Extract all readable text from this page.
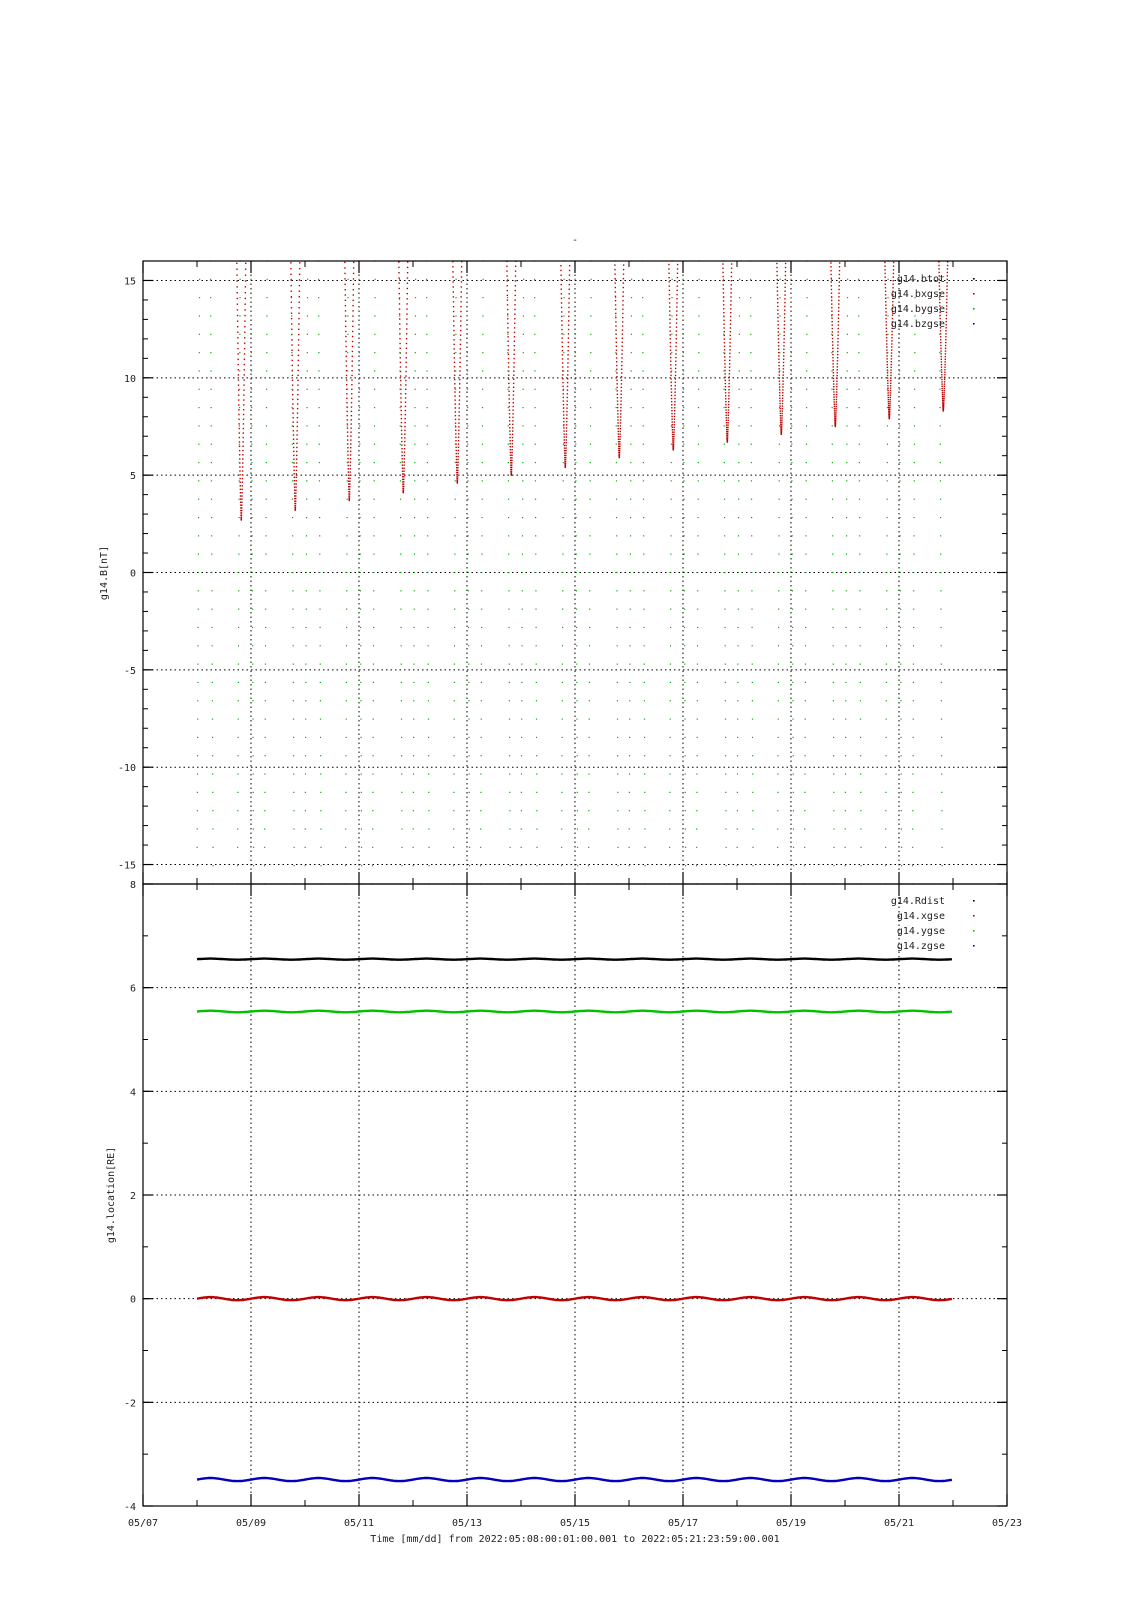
-
-15
-10
-5
0
5
10
15	g14.btot
g14.bxgse
g14.bygse
g14.bzgse
g14.B[nT]
-4
-2
0
2
4
6
8
g14.Rdist
g14.xgse
g14.ygse
g14.zgse
g14.location[RE]
05/07	05/09	05/11	05/13	05/15	05/17	05/19	05/21	05/23
Time [mm/dd] from 2022:05:08:00:01:00.001 to 2022:05:21:23:59:00.001
